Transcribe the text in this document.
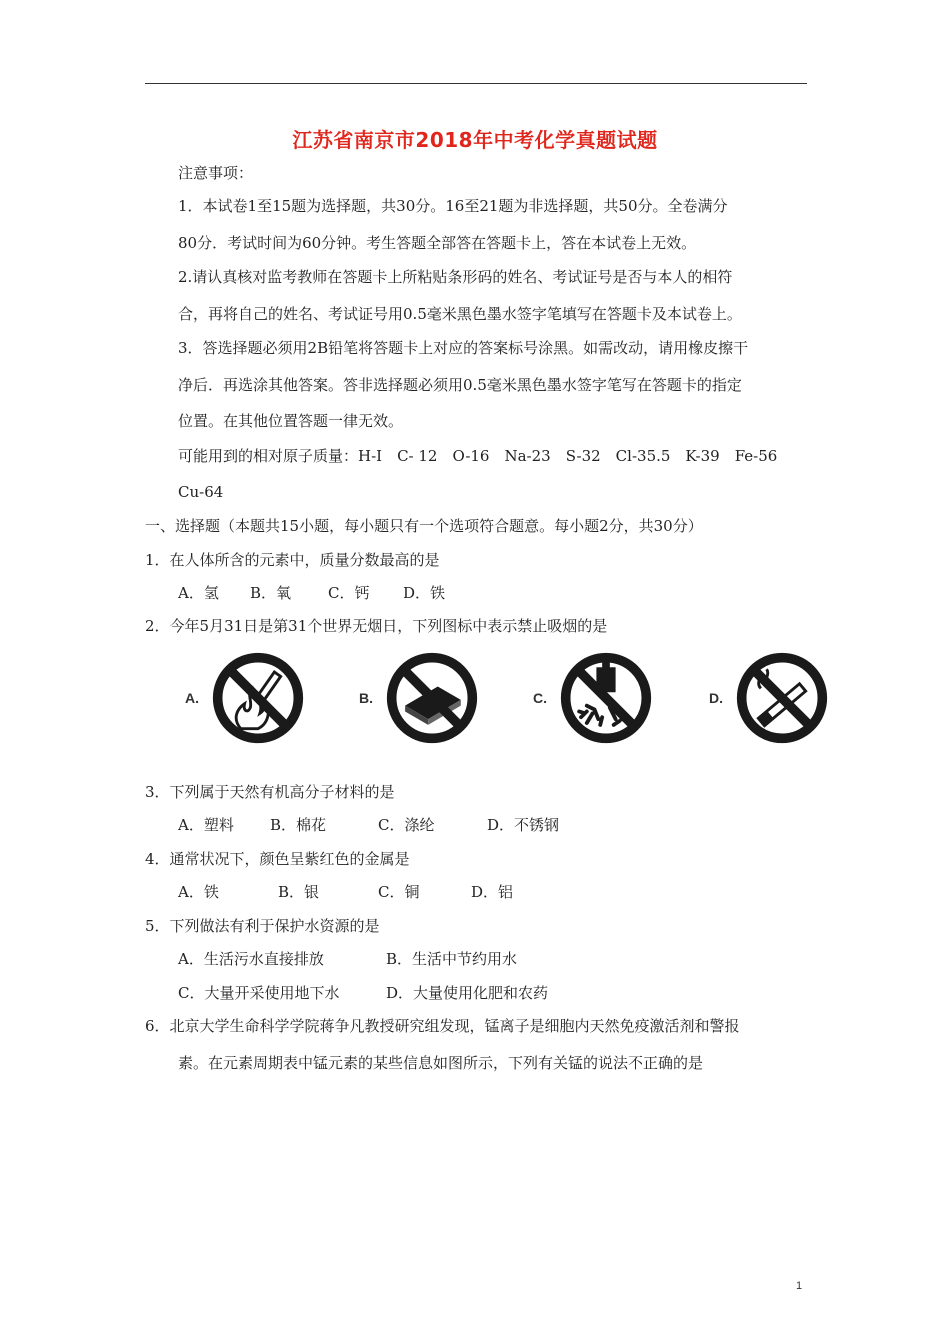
江苏省南京市2018年中考化学真题试题
注意事项：
1．本试卷1至15题为选择题，共30分。16至21题为非选择题，共50分。全卷满分
80分．考试时间为60分钟。考生答题全部答在答题卡上，答在本试卷上无效。
2.请认真核对监考教师在答题卡上所粘贴条形码的姓名、考试证号是否与本人的相符
合，再将自己的姓名、考试证号用0.5毫米黑色墨水签字笔填写在答题卡及本试卷上。
3．答选择题必须用2B铅笔将答题卡上对应的答案标号涂黑。如需改动，请用橡皮擦干
净后．再选涂其他答案。答非选择题必须用0.5毫米黑色墨水签字笔写在答题卡的指定
位置。在其他位置答题一律无效。
可能用到的相对原子质量：H-I　C- 12　O-16　Na-23　S-32　Cl-35.5　K-39　Fe-56
Cu-64
一、选择题（本题共15小题，每小题只有一个选项符合题意。每小题2分，共30分）
1．在人体所含的元素中，质量分数最高的是
A．氢 B．氧 C．钙 D．铁
2．今年5月31日是第31个世界无烟日，下列图标中表示禁止吸烟的是
A.	B.	C.	D.
3．下列属于天然有机高分子材料的是
A．塑料 B．棉花	C．涤纶	D．不锈钢
4．通常状况下，颜色呈紫红色的金属是
A．铁	B．银	C．铜	D．铝
5．下列做法有利于保护水资源的是
A．生活污水直接排放	B．生活中节约用水
C．大量开采使用地下水	D．大量使用化肥和农药
6．北京大学生命科学学院蒋争凡教授研究组发现，锰离子是细胞内天然免疫激活剂和警报
素。在元素周期表中锰元素的某些信息如图所示，下列有关锰的说法不正确的是
1
